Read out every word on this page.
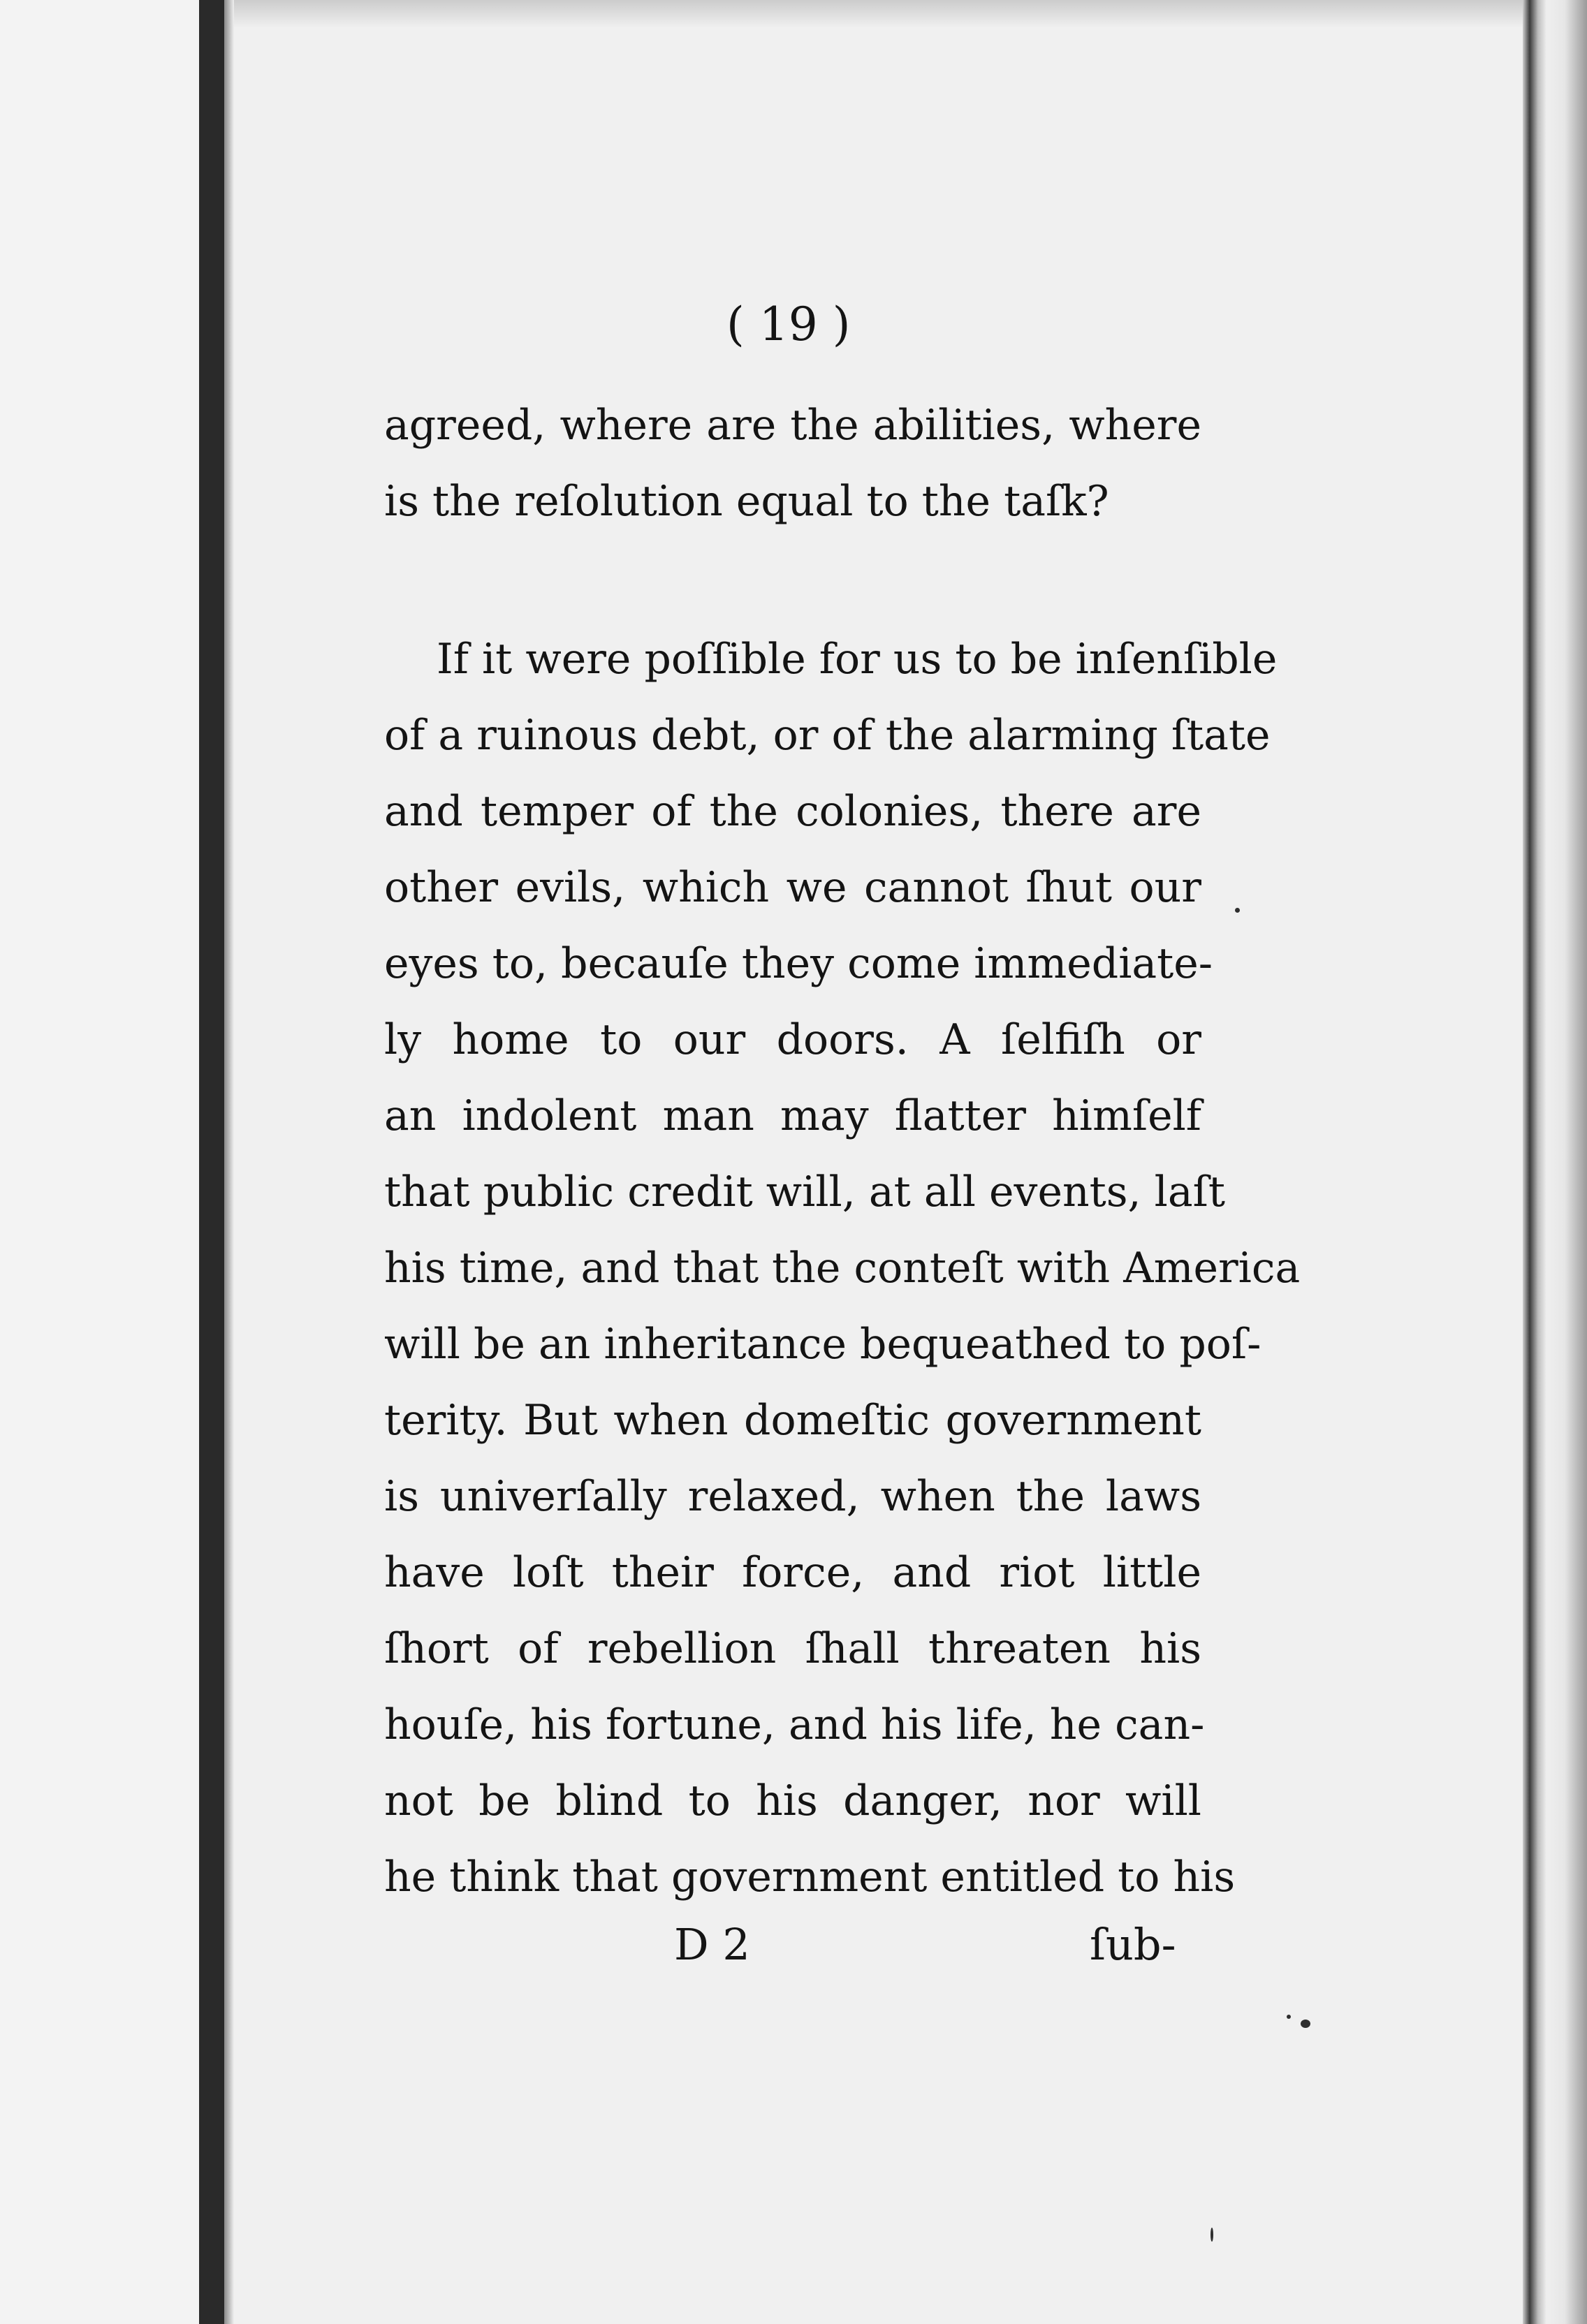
( 19 )
agreed, where are the abilities, where
is the reſolution equal to the taſk?
If it were poſſible for us to be inſenſible
of a ruinous debt, or of the alarming ſtate
and temper of the colonies, there are
other evils, which we cannot ſhut our
eyes to, becauſe they come immediate-
ly home to our doors. A ſelfiſh or
an indolent man may flatter himſelf
that public credit will, at all events, laſt
his time, and that the conteſt with America
will be an inheritance bequeathed to poſ-
terity. But when domeſtic government
is univerſally relaxed, when the laws
have loſt their force, and riot little
ſhort of rebellion ſhall threaten his
houſe, his fortune, and his life, he can-
not be blind to his danger, nor will
he think that government entitled to his
D 2	ſub-
